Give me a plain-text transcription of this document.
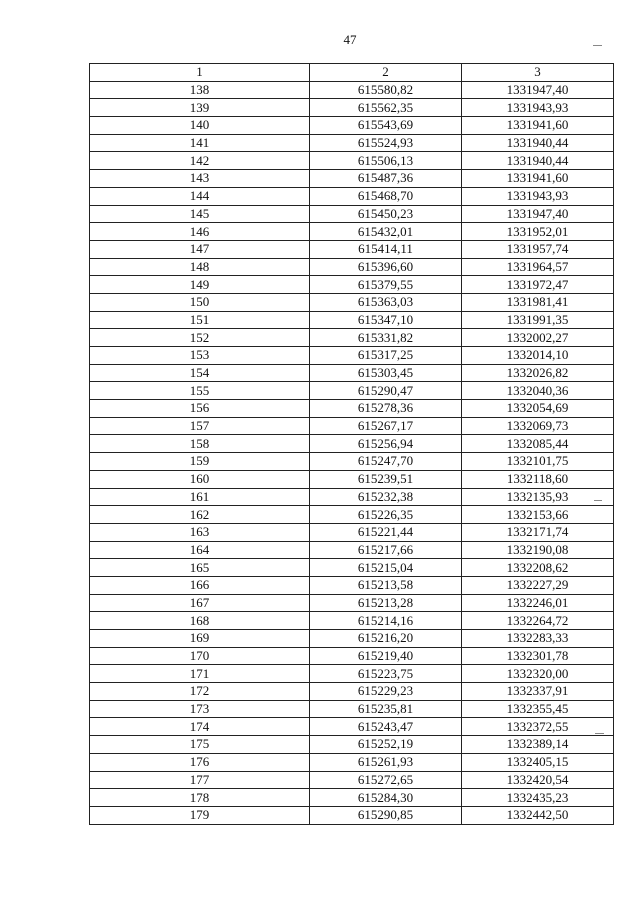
47
1	2	3
138	615580,82	1331947,40
139	615562,35	1331943,93
140	615543,69	1331941,60
141	615524,93	1331940,44
142	615506,13	1331940,44
143	615487,36	1331941,60
144	615468,70	1331943,93
145	615450,23	1331947,40
146	615432,01	1331952,01
147	615414,11	1331957,74
148	615396,60	1331964,57
149	615379,55	1331972,47
150	615363,03	1331981,41
151	615347,10	1331991,35
152	615331,82	1332002,27
153	615317,25	1332014,10
154	615303,45	1332026,82
155	615290,47	1332040,36
156	615278,36	1332054,69
157	615267,17	1332069,73
158	615256,94	1332085,44
159	615247,70	1332101,75
160	615239,51	1332118,60
161	615232,38	1332135,93
162	615226,35	1332153,66
163	615221,44	1332171,74
164	615217,66	1332190,08
165	615215,04	1332208,62
166	615213,58	1332227,29
167	615213,28	1332246,01
168	615214,16	1332264,72
169	615216,20	1332283,33
170	615219,40	1332301,78
171	615223,75	1332320,00
172	615229,23	1332337,91
173	615235,81	1332355,45
174	615243,47	1332372,55
175	615252,19	1332389,14
176	615261,93	1332405,15
177	615272,65	1332420,54
178	615284,30	1332435,23
179	615290,85	1332442,50
